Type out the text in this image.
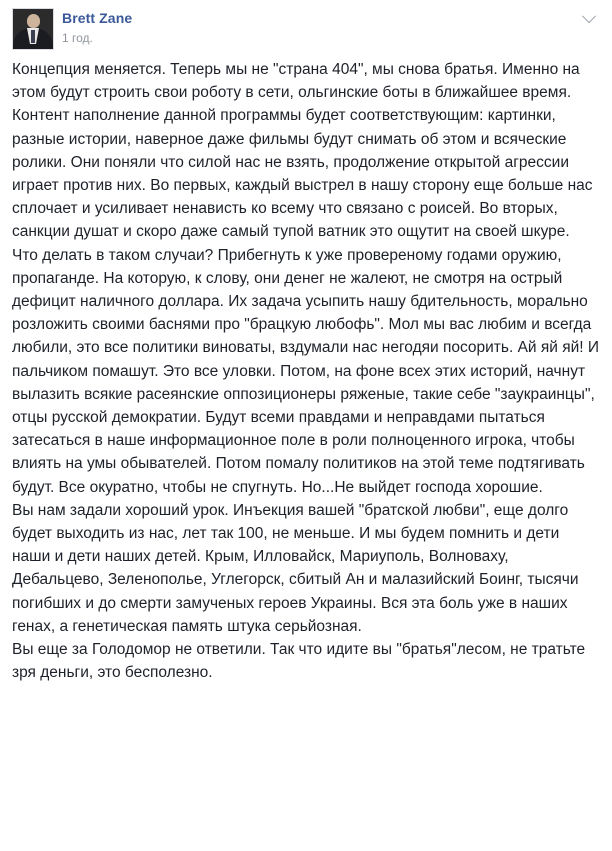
Brett Zane
1 год.

Концепция меняется. Теперь мы не "страна 404", мы снова братья. Именно на этом будут строить свои роботу в сети, ольгинские боты в ближайшее время. Контент наполнение данной программы будет соответствующим: картинки, разные истории, наверное даже фильмы будут снимать об этом и всяческие ролики. Они поняли что силой нас не взять, продолжение открытой агрессии играет против них. Во первых, каждый выстрел в нашу сторону еще больше нас сплочает и усиливает ненависть ко всему что связано с роисей. Во вторых, санкции душат и скоро даже самый тупой ватник это ощутит на своей шкуре.

Что делать в таком случаи? Прибегнуть к уже провереному годами оружию, пропаганде. На которую, к слову, они денег не жалеют, не смотря на острый дефицит наличного доллара. Их задача усыпить нашу бдительность, морально розложить своими баснями про "брацкую любофь". Мол мы вас любим и всегда любили, это все политики виноваты, вздумали нас негодяи посорить. Ай яй яй! И пальчиком помашут. Это все уловки. Потом, на фоне всех этих историй, начнут вылазить всякие расеянские оппозиционеры ряженые, такие себе "заукраинцы", отцы русской демократии. Будут всеми правдами и неправдами пытаться затесаться в наше информационное поле в роли полноценного игрока, чтобы влиять на умы обывателей. Потом помалу политиков на этой теме подтягивать будут. Все окуратно, чтобы не спугнуть. Но...Не выйдет господа хорошие.

Вы нам задали хороший урок. Инъекция вашей "братской любви", еще долго будет выходить из нас, лет так 100, не меньше. И мы будем помнить и дети наши и дети наших детей. Крым, Илловайск, Мариуполь, Волноваху, Дебальцево, Зеленополье, Углегорск, сбитый Ан и малазийский Боинг, тысячи погибших и до смерти замученых героев Украины. Вся эта боль уже в наших генах, а генетическая память штука серьйозная.

Вы еще за Голодомор не ответили. Так что идите вы "братья"лесом, не тратьте зря деньги, это бесполезно.
